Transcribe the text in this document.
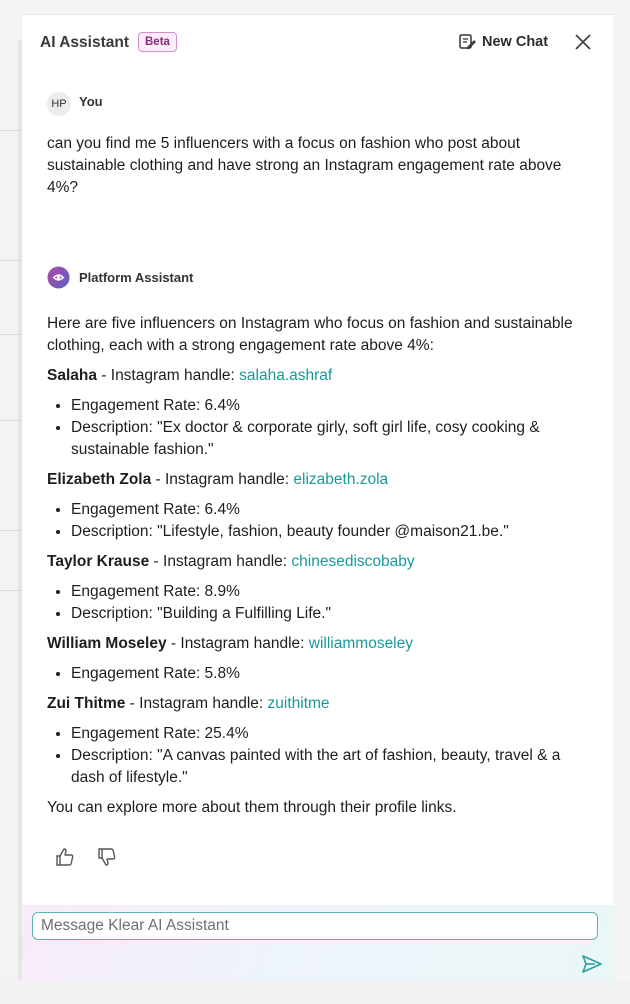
AI Assistant	Beta	New Chat
HP You
can you find me 5 influencers with a focus on fashion who post about sustainable clothing and have strong an Instagram engagement rate above 4%?
Platform Assistant

Here are five influencers on Instagram who focus on fashion and sustainable clothing, each with a strong engagement rate above 4%:

Salaha - Instagram handle: salaha.ashraf

• Engagement Rate: 6.4%
• Description: "Ex doctor & corporate girly, soft girl life, cosy cooking & sustainable fashion."

Elizabeth Zola - Instagram handle: elizabeth.zola

• Engagement Rate: 6.4%
• Description: "Lifestyle, fashion, beauty founder @maison21.be."

Taylor Krause - Instagram handle: chinesediscobaby

• Engagement Rate: 8.9%
• Description: "Building a Fulfilling Life."

William Moseley - Instagram handle: williammoseley

• Engagement Rate: 5.8%

Zui Thitme - Instagram handle: zuithitme

• Engagement Rate: 25.4%
• Description: "A canvas painted with the art of fashion, beauty, travel & a dash of lifestyle."

You can explore more about them through their profile links.

Message Klear AI Assistant
